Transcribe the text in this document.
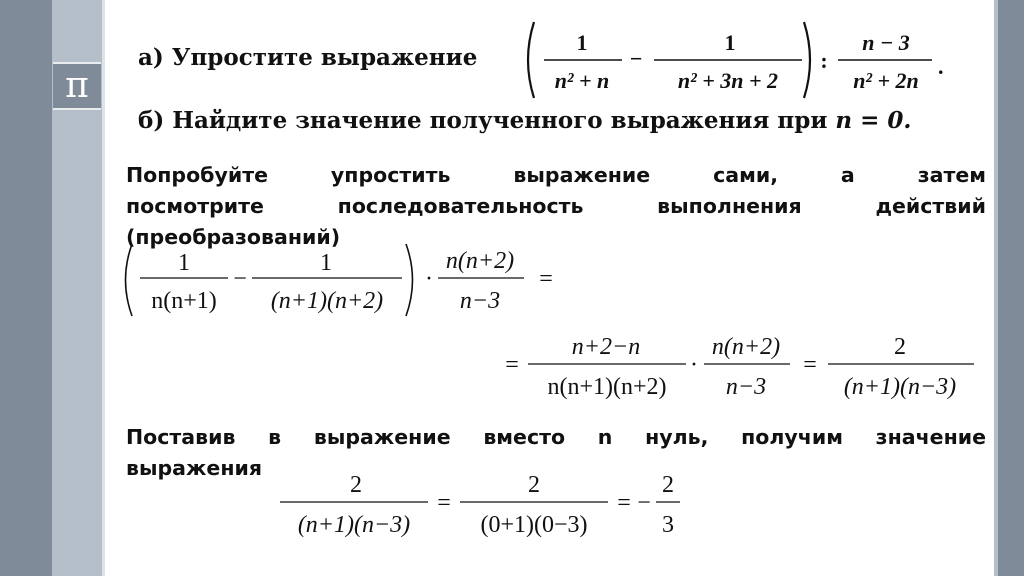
π
а) Упростите выражение
1
n² + n
−
1
n² + 3n + 2
:
n − 3
n² + 2n
.
б) Найдите значение полученного выражения при n = 0.
Попробуйте упростить выражение сами, а затем
посмотрите последовательность выполнения действий
(преобразований)
1
n(n+1)
−
1
(n+1)(n+2)
·
n(n+2)
n−3
=
=
n+2−n
n(n+1)(n+2)
·
n(n+2)
n−3
=
2
(n+1)(n−3)
Поставив в выражение вместо n нуль, получим значение
выражения
2
(n+1)(n−3)
=
2
(0+1)(0−3)
= −
2
3
